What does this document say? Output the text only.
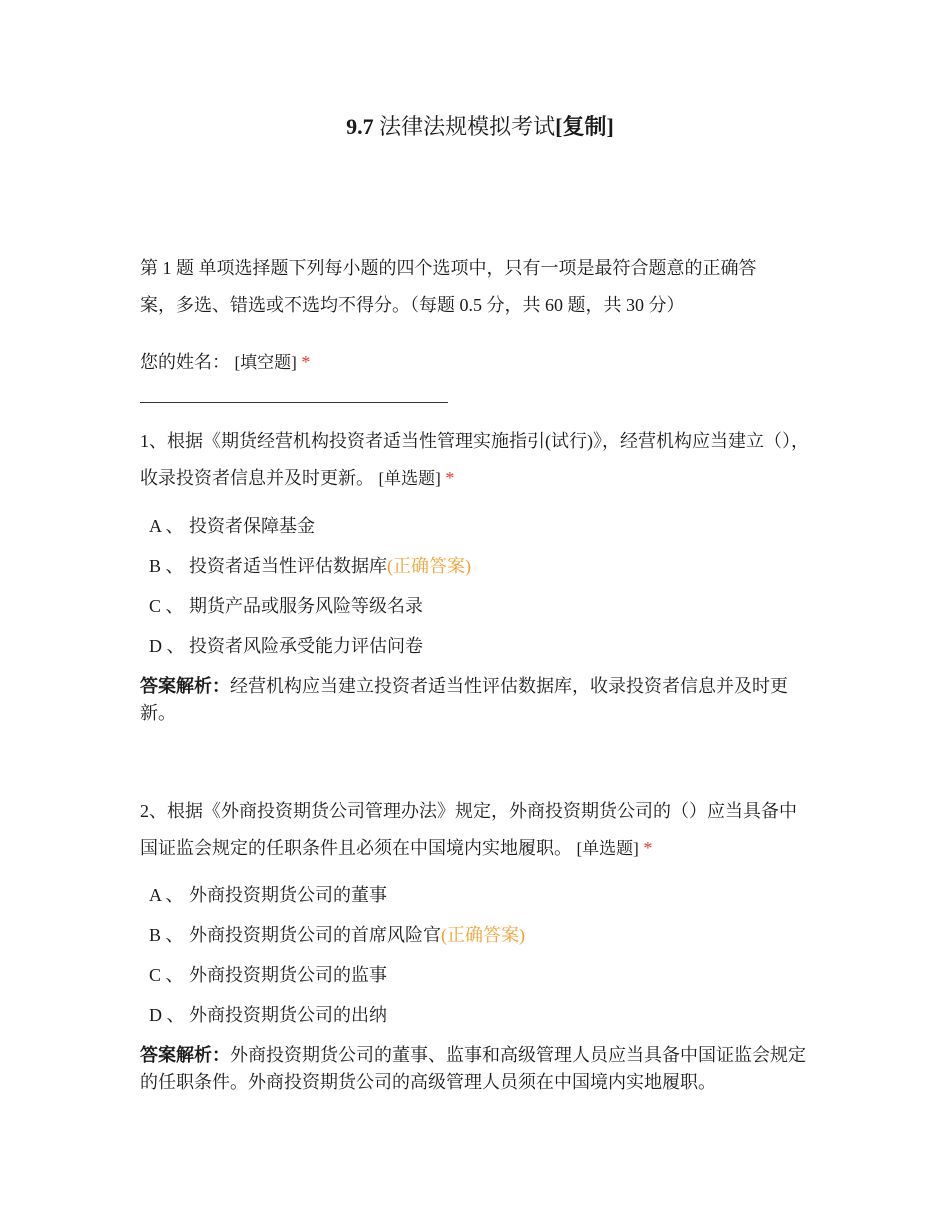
9.7 法律法规模拟考试[复制]
第 1 题 单项选择题下列每小题的四个选项中，只有一项是最符合题意的正确答案，多选、错选或不选均不得分。（每题 0.5 分，共 60 题，共 30 分）
您的姓名： [填空题] *
1、根据《期货经营机构投资者适当性管理实施指引(试行)》，经营机构应当建立（），收录投资者信息并及时更新。 [单选题] *
A 、 投资者保障基金
B 、 投资者适当性评估数据库(正确答案)
C 、 期货产品或服务风险等级名录
D 、 投资者风险承受能力评估问卷
答案解析：经营机构应当建立投资者适当性评估数据库，收录投资者信息并及时更新。
2、根据《外商投资期货公司管理办法》规定，外商投资期货公司的（）应当具备中国证监会规定的任职条件且必须在中国境内实地履职。 [单选题] *
A 、 外商投资期货公司的董事
B 、 外商投资期货公司的首席风险官(正确答案)
C 、 外商投资期货公司的监事
D 、 外商投资期货公司的出纳
答案解析：外商投资期货公司的董事、监事和高级管理人员应当具备中国证监会规定的任职条件。外商投资期货公司的高级管理人员须在中国境内实地履职。
